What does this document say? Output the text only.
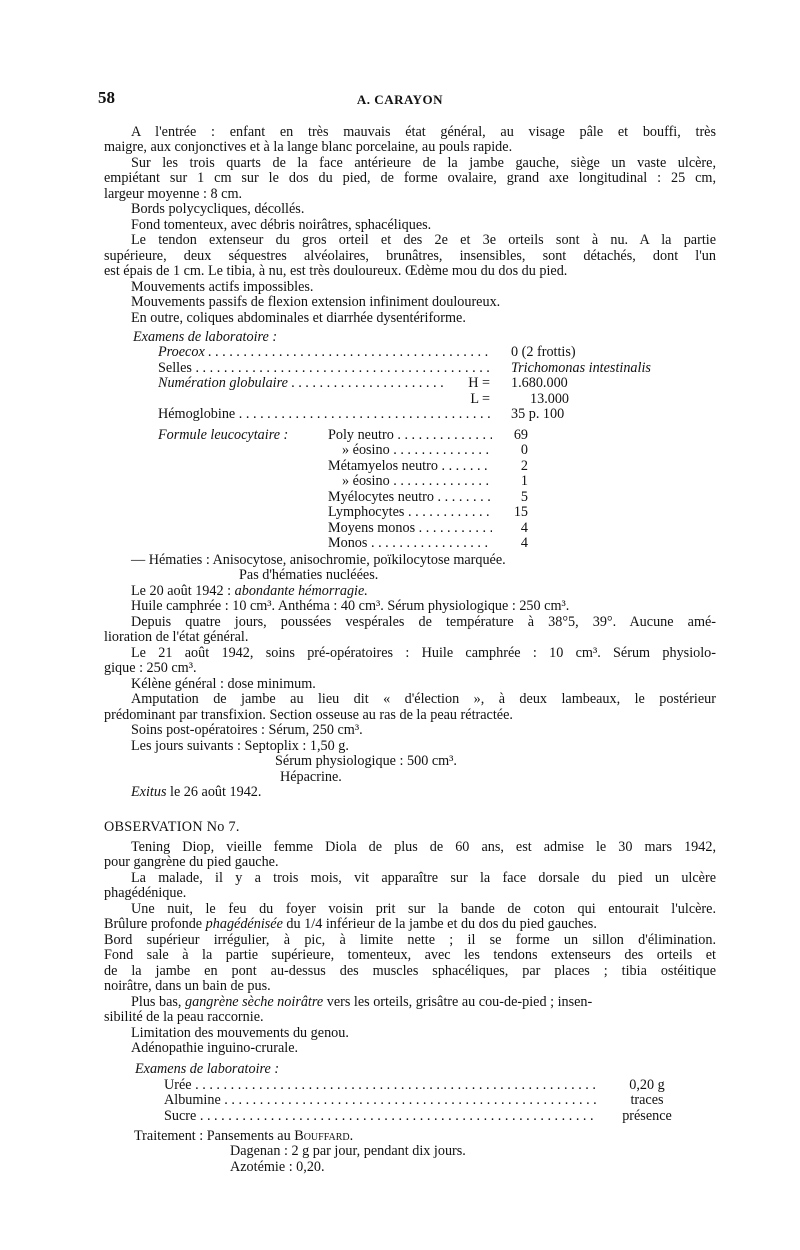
58	A. CARAYON
A l'entrée : enfant en très mauvais état général, au visage pâle et bouffi, très
maigre, aux conjonctives et à la lange blanc porcelaine, au pouls rapide.
Sur les trois quarts de la face antérieure de la jambe gauche, siège un vaste ulcère,
empiétant sur 1 cm sur le dos du pied, de forme ovalaire, grand axe longitudinal : 25 cm,
largeur moyenne : 8 cm.
Bords polycycliques, décollés.
Fond tomenteux, avec débris noirâtres, sphacéliques.
Le tendon extenseur du gros orteil et des 2e et 3e orteils sont à nu. A la partie
supérieure, deux séquestres alvéolaires, brunâtres, insensibles, sont détachés, dont l'un
est épais de 1 cm. Le tibia, à nu, est très douloureux. Œdème mou du dos du pied.
Mouvements actifs impossibles.
Mouvements passifs de flexion extension infiniment douloureux.
En outre, coliques abdominales et diarrhée dysentériforme.
Examens de laboratoire :
Proecox . . .	0 (2 frottis)
Selles . . .	Trichomonas intestinalis
Numération globulaire . . .	H = 1.680.000
L =	13.000
Hémoglobine . . .	35 p. 100
Formule leucocytaire :	Poly neutro . . .	69
» éosino . . .	0
Métamyelos neutro . . .	2
» éosino . . .	1
Myélocytes neutro . . .	5
Lymphocytes . . .	15
Moyens monos . . .	4
Monos . . .	4
— Hématies : Anisocytose, anisochromie, poïkilocytose marquée.
Pas d'hématies nucléées.
Le 20 août 1942 : abondante hémorragie.
Huile camphrée : 10 cm³. Anthéma : 40 cm³. Sérum physiologique : 250 cm³.
Depuis quatre jours, poussées vespérales de température à 38°5, 39°. Aucune amé-
lioration de l'état général.
Le 21 août 1942, soins pré-opératoires : Huile camphrée : 10 cm³. Sérum physiolo-
gique : 250 cm³.
Kélène général : dose minimum.
Amputation de jambe au lieu dit « d'élection », à deux lambeaux, le postérieur
prédominant par transfixion. Section osseuse au ras de la peau rétractée.
Soins post-opératoires : Sérum, 250 cm³.
Les jours suivants : Septoplix : 1,50 g.
Sérum physiologique : 500 cm³.
Hépacrine.
Exitus le 26 août 1942.
OBSERVATION No 7.
Tening Diop, vieille femme Diola de plus de 60 ans, est admise le 30 mars 1942,
pour gangrène du pied gauche.
La malade, il y a trois mois, vit apparaître sur la face dorsale du pied un ulcère
phagédénique.
Une nuit, le feu du foyer voisin prit sur la bande de coton qui entourait l'ulcère.
Brûlure profonde phagédénisée du 1/4 inférieur de la jambe et du dos du pied gauches.
Bord supérieur irrégulier, à pic, à limite nette ; il se forme un sillon d'élimination.
Fond sale à la partie supérieure, tomenteux, avec les tendons extenseurs des orteils et
de la jambe en pont au-dessus des muscles sphacéliques, par places ; tibia ostéitique
noirâtre, dans un bain de pus.
Plus bas, gangrène sèche noirâtre vers les orteils, grisâtre au cou-de-pied ; insen-
sibilité de la peau raccornie.
Limitation des mouvements du genou.
Adénopathie inguino-crurale.
Examens de laboratoire :
Urée . . .	0,20 g
Albumine . . .	traces
Sucre . . .	présence
Traitement : Pansements au Bouffard.
Dagenan : 2 g par jour, pendant dix jours.
Azotémie : 0,20.
